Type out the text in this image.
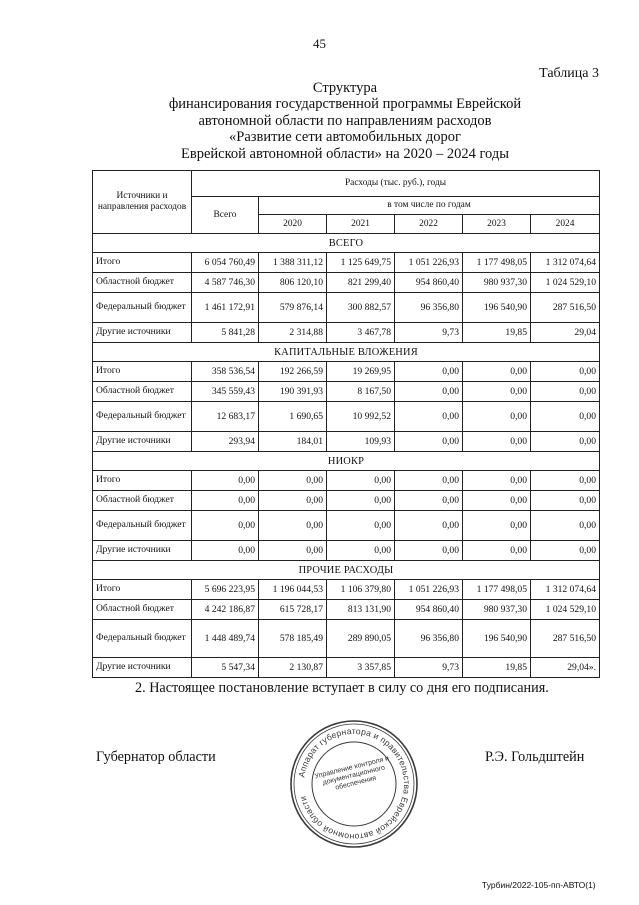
45
Таблица 3
Структура
финансирования государственной программы Еврейской
автономной области по направлениям расходов
«Развитие сети автомобильных дорог
Еврейской автономной области» на 2020 – 2024 годы
Источники и направления расходов	Расходы (тыс. руб.), годы					
	Всего	в том числе по годам				
		2020	2021	2022	2023	2024
ВСЕГО						
Итого	6 054 760,49	1 388 311,12	1 125 649,75	1 051 226,93	1 177 498,05	1 312 074,64
Областной бюджет	4 587 746,30	806 120,10	821 299,40	954 860,40	980 937,30	1 024 529,10
Федеральный бюджет	1 461 172,91	579 876,14	300 882,57	96 356,80	196 540,90	287 516,50
Другие источники	5 841,28	2 314,88	3 467,78	9,73	19,85	29,04
КАПИТАЛЬНЫЕ ВЛОЖЕНИЯ						
Итого	358 536,54	192 266,59	19 269,95	0,00	0,00	0,00
Областной бюджет	345 559,43	190 391,93	8 167,50	0,00	0,00	0,00
Федеральный бюджет	12 683,17	1 690,65	10 992,52	0,00	0,00	0,00
Другие источники	293,94	184,01	109,93	0,00	0,00	0,00
НИОКР						
Итого	0,00	0,00	0,00	0,00	0,00	0,00
Областной бюджет	0,00	0,00	0,00	0,00	0,00	0,00
Федеральный бюджет	0,00	0,00	0,00	0,00	0,00	0,00
Другие источники	0,00	0,00	0,00	0,00	0,00	0,00
ПРОЧИЕ РАСХОДЫ						
Итого	5 696 223,95	1 196 044,53	1 106 379,80	1 051 226,93	1 177 498,05	1 312 074,64
Областной бюджет	4 242 186,87	615 728,17	813 131,90	954 860,40	980 937,30	1 024 529,10
Федеральный бюджет	1 448 489,74	578 185,49	289 890,05	96 356,80	196 540,90	287 516,50
Другие источники	5 547,34	2 130,87	3 357,85	9,73	19,85	29,04».
2. Настоящее постановление вступает в силу со дня его подписания.
Губернатор области	Р.Э. Гольдштейн
Аппарат губернатора и правительства Еврейской автономной области
Управление контроля и документационного обеспечения
Турбин/2022-105-пп-АВТО(1)
